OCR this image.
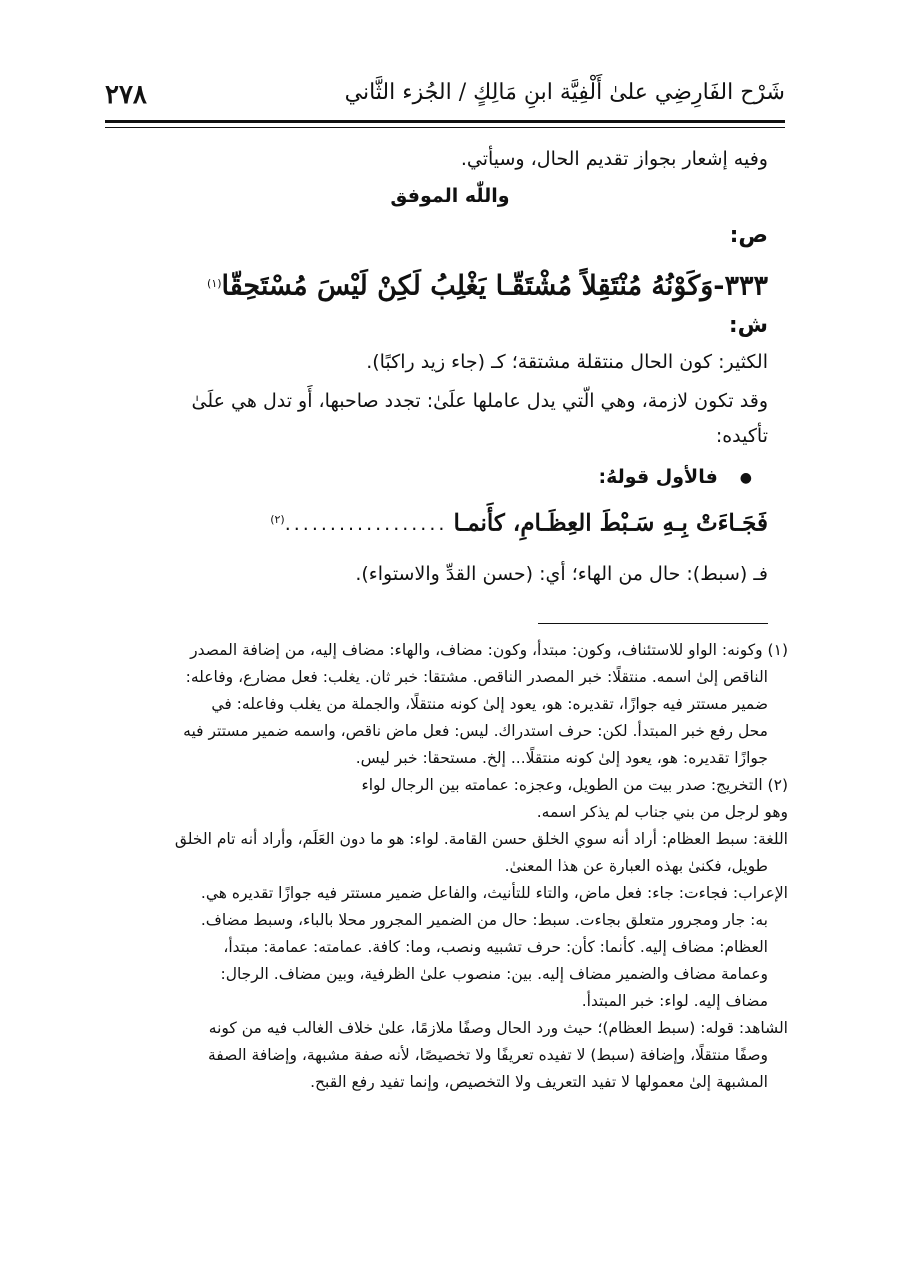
شَرْح الفَارِضِي علىٰ أَلْفِيَّة ابنِ مَالِكٍ / الجُزء الثَّاني
٢٧٨
وفيه إشعار بجواز تقديم الحال، وسيأتي.
واللّٰه الموفق
ص:
٣٣٣-وَكَوْنُهُ مُنْتَقِلاً مُشْتَقّـا يَغْلِبُ لَكِنْ لَيْسَ مُسْتَحِقّا$^{(١)}$
ش:
الكثير: كون الحال منتقلة مشتقة؛ كـ (جاء زيد راكبًا).
وقد تكون لازمة، وهي الّتي يدل عاملها علَىٰ: تجدد صاحبها، أَو تدل هي علَىٰ
تأكيده:
●فالأول قولهُ:
فَجَـاءَتْ بِـهِ سَـبْطَ العِظَـامِ، كأَنمـا ..................$^{(٢)}$
فـ (سبط): حال من الهاء؛ أي: (حسن القدِّ والاستواء).
(١) وكونه: الواو للاستئناف، وكون: مبتدأ، وكون: مضاف، والهاء: مضاف إليه، من إضافة المصدر
الناقص إلىٰ اسمه. منتقلًا: خبر المصدر الناقص. مشتقا: خبر ثان. يغلب: فعل مضارع، وفاعله:
ضمير مستتر فيه جوازًا، تقديره: هو، يعود إلىٰ كونه منتقلًا، والجملة من يغلب وفاعله: في
محل رفع خبر المبتدأ. لكن: حرف استدراك. ليس: فعل ماض ناقص، واسمه ضمير مستتر فيه
جوازًا تقديره: هو، يعود إلىٰ كونه منتقلًا... إلخ. مستحقا: خبر ليس.
(٢) التخريج: صدر بيت من الطويل، وعجزه: عمامته بين الرجال لواء
وهو لرجل من بني جناب لم يذكر اسمه.
اللغة: سبط العظام: أراد أنه سوي الخلق حسن القامة. لواء: هو ما دون العَلَم، وأراد أنه تام الخلق
طويل، فكنىٰ بهذه العبارة عن هذا المعنىٰ.
الإعراب: فجاءت: جاء: فعل ماض، والتاء للتأنيث، والفاعل ضمير مستتر فيه جوازًا تقديره هي.
به: جار ومجرور متعلق بجاءت. سبط: حال من الضمير المجرور محلا بالباء، وسبط مضاف.
العظام: مضاف إليه. كأنما: كأن: حرف تشبيه ونصب، وما: كافة. عمامته: عمامة: مبتدأ،
وعمامة مضاف والضمير مضاف إليه. بين: منصوب علىٰ الظرفية، وبين مضاف. الرجال:
مضاف إليه. لواء: خبر المبتدأ.
الشاهد: قوله: (سبط العظام)؛ حيث ورد الحال وصفًا ملازمًا، علىٰ خلاف الغالب فيه من كونه
وصفًا منتقلًا، وإضافة (سبط) لا تفيده تعريفًا ولا تخصيصًا، لأنه صفة مشبهة، وإضافة الصفة
المشبهة إلىٰ معمولها لا تفيد التعريف ولا التخصيص، وإنما تفيد رفع القبح.
